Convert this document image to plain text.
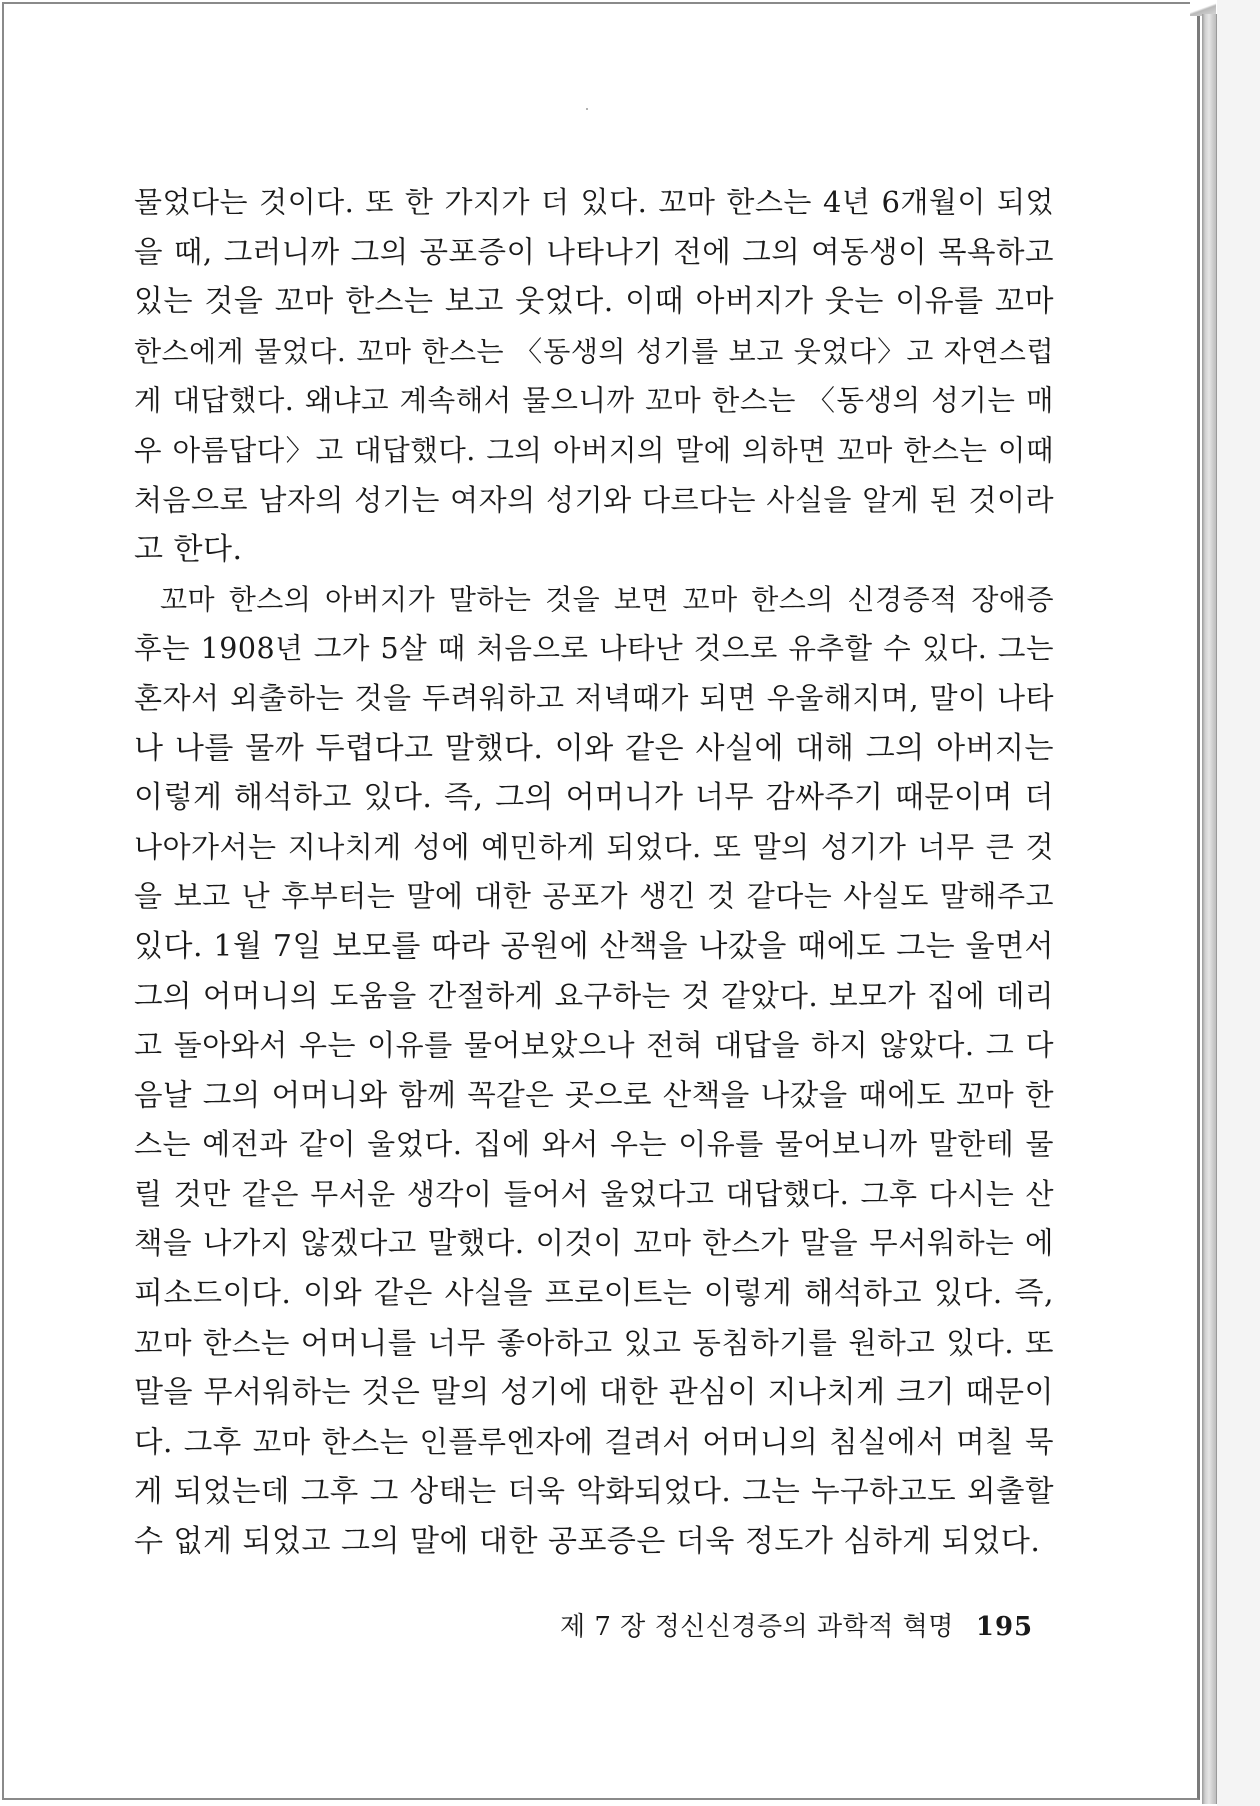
물었다는 것이다. 또 한 가지가 더 있다. 꼬마 한스는 4년 6개월이 되었
을 때, 그러니까 그의 공포증이 나타나기 전에 그의 여동생이 목욕하고
있는 것을 꼬마 한스는 보고 웃었다. 이때 아버지가 웃는 이유를 꼬마
한스에게 물었다. 꼬마 한스는 〈동생의 성기를 보고 웃었다〉고 자연스럽
게 대답했다. 왜냐고 계속해서 물으니까 꼬마 한스는 〈동생의 성기는 매
우 아름답다〉고 대답했다. 그의 아버지의 말에 의하면 꼬마 한스는 이때
처음으로 남자의 성기는 여자의 성기와 다르다는 사실을 알게 된 것이라
고 한다.
꼬마 한스의 아버지가 말하는 것을 보면 꼬마 한스의 신경증적 장애증
후는 1908년 그가 5살 때 처음으로 나타난 것으로 유추할 수 있다. 그는
혼자서 외출하는 것을 두려워하고 저녁때가 되면 우울해지며, 말이 나타
나 나를 물까 두렵다고 말했다. 이와 같은 사실에 대해 그의 아버지는
이렇게 해석하고 있다. 즉, 그의 어머니가 너무 감싸주기 때문이며 더
나아가서는 지나치게 성에 예민하게 되었다. 또 말의 성기가 너무 큰 것
을 보고 난 후부터는 말에 대한 공포가 생긴 것 같다는 사실도 말해주고
있다. 1월 7일 보모를 따라 공원에 산책을 나갔을 때에도 그는 울면서
그의 어머니의 도움을 간절하게 요구하는 것 같았다. 보모가 집에 데리
고 돌아와서 우는 이유를 물어보았으나 전혀 대답을 하지 않았다. 그 다
음날 그의 어머니와 함께 꼭같은 곳으로 산책을 나갔을 때에도 꼬마 한
스는 예전과 같이 울었다. 집에 와서 우는 이유를 물어보니까 말한테 물
릴 것만 같은 무서운 생각이 들어서 울었다고 대답했다. 그후 다시는 산
책을 나가지 않겠다고 말했다. 이것이 꼬마 한스가 말을 무서워하는 에
피소드이다. 이와 같은 사실을 프로이트는 이렇게 해석하고 있다. 즉,
꼬마 한스는 어머니를 너무 좋아하고 있고 동침하기를 원하고 있다. 또
말을 무서워하는 것은 말의 성기에 대한 관심이 지나치게 크기 때문이
다. 그후 꼬마 한스는 인플루엔자에 걸려서 어머니의 침실에서 며칠 묵
게 되었는데 그후 그 상태는 더욱 악화되었다. 그는 누구하고도 외출할
수 없게 되었고 그의 말에 대한 공포증은 더욱 정도가 심하게 되었다.
제 7 장 정신신경증의 과학적 혁명 195
